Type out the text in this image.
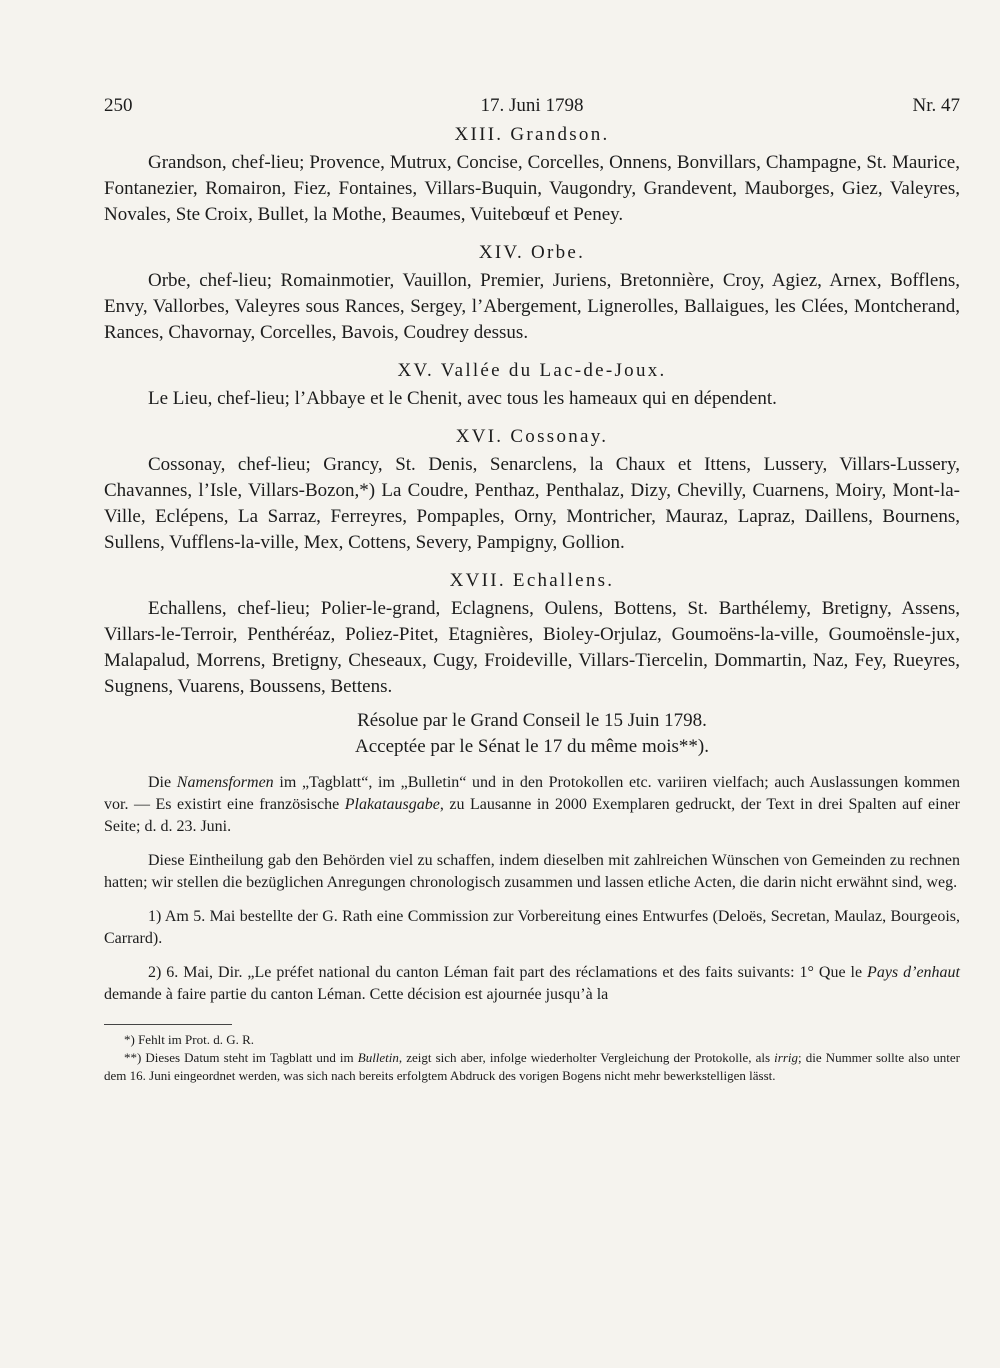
250	17. Juni 1798	Nr. 47
XIII. Grandson.

Grandson, chef-lieu; Provence, Mutrux, Concise, Corcelles, Onnens, Bonvillars, Champagne, St. Maurice, Fontanezier, Romairon, Fiez, Fontaines, Villars-Buquin, Vaugondry, Grandevent, Mauborges, Giez, Valeyres, Novales, Ste Croix, Bullet, la Mothe, Beaumes, Vuitebœuf et Peney.

XIV. Orbe.

Orbe, chef-lieu; Romainmotier, Vauillon, Premier, Juriens, Bretonnière, Croy, Agiez, Arnex, Bofflens, Envy, Vallorbes, Valeyres sous Rances, Sergey, l’Abergement, Lignerolles, Ballaigues, les Clées, Montcherand, Rances, Chavornay, Corcelles, Bavois, Coudrey dessus.

XV. Vallée du Lac-de-Joux.

Le Lieu, chef-lieu; l’Abbaye et le Chenit, avec tous les hameaux qui en dépendent.

XVI. Cossonay.

Cossonay, chef-lieu; Grancy, St. Denis, Senarclens, la Chaux et Ittens, Lussery, Villars-Lussery, Chavannes, l’Isle, Villars-Bozon,*) La Coudre, Penthaz, Penthalaz, Dizy, Chevilly, Cuarnens, Moiry, Mont-la-Ville, Eclépens, La Sarraz, Ferreyres, Pompaples, Orny, Montricher, Mauraz, Lapraz, Daillens, Bournens, Sullens, Vufflens-la-ville, Mex, Cottens, Severy, Pampigny, Gollion.

XVII. Echallens.

Echallens, chef-lieu; Polier-le-grand, Eclagnens, Oulens, Bottens, St. Barthélemy, Bretigny, Assens, Villars-le-Terroir, Penthéréaz, Poliez-Pitet, Etagnières, Bioley-Orjulaz, Goumoëns-la-ville, Goumoënsle-jux, Malapalud, Morrens, Bretigny, Cheseaux, Cugy, Froideville, Villars-Tiercelin, Dommartin, Naz, Fey, Rueyres, Sugnens, Vuarens, Boussens, Bettens.

Résolue par le Grand Conseil le 15 Juin 1798.
Acceptée par le Sénat le 17 du même mois**).

Die Namensformen im „Tagblatt“, im „Bulletin“ und in den Protokollen etc. variiren vielfach; auch Auslassungen kommen vor. — Es existirt eine französische Plakatausgabe, zu Lausanne in 2000 Exemplaren gedruckt, der Text in drei Spalten auf einer Seite; d. d. 23. Juni.

Diese Eintheilung gab den Behörden viel zu schaffen, indem dieselben mit zahlreichen Wünschen von Gemeinden zu rechnen hatten; wir stellen die bezüglichen Anregungen chronologisch zusammen und lassen etliche Acten, die darin nicht erwähnt sind, weg.

1) Am 5. Mai bestellte der G. Rath eine Commission zur Vorbereitung eines Entwurfes (Deloës, Secretan, Maulaz, Bourgeois, Carrard).

2) 6. Mai, Dir. „Le préfet national du canton Léman fait part des réclamations et des faits suivants: 1° Que le Pays d’enhaut demande à faire partie du canton Léman. Cette décision est ajournée jusqu’à la

*) Fehlt im Prot. d. G. R.

**) Dieses Datum steht im Tagblatt und im Bulletin, zeigt sich aber, infolge wiederholter Vergleichung der Protokolle, als irrig; die Nummer sollte also unter dem 16. Juni eingeordnet werden, was sich nach bereits erfolgtem Abdruck des vorigen Bogens nicht mehr bewerkstelligen lässt.
